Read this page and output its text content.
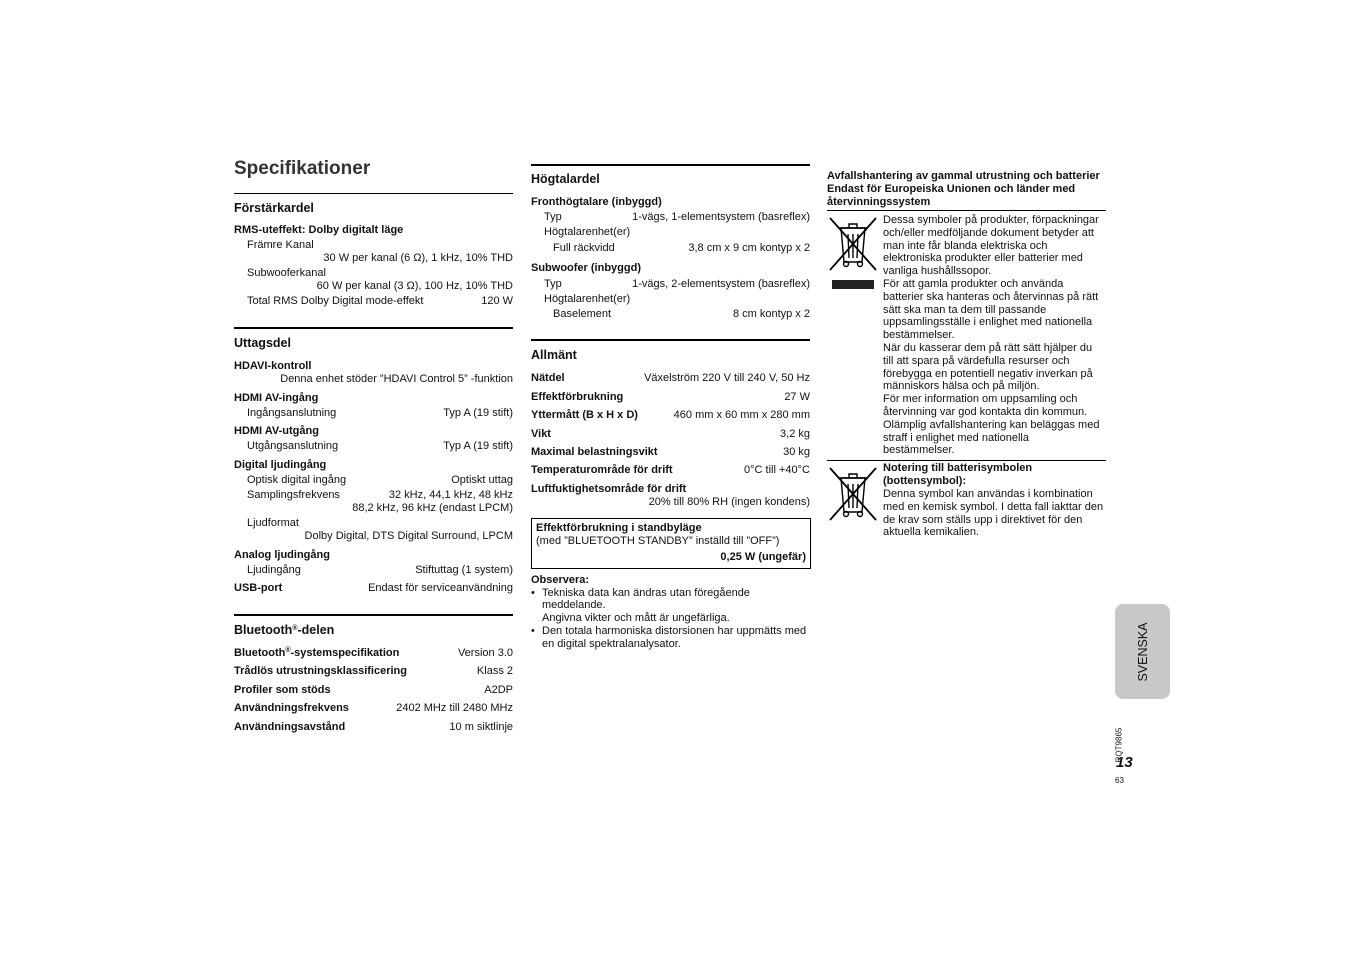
Specifikationer
Förstärkardel
RMS-uteffekt: Dolby digitalt läge
Främre Kanal
30 W per kanal (6 Ω), 1 kHz, 10% THD
Subwooferkanal
60 W per kanal (3 Ω), 100 Hz, 10% THD
Total RMS Dolby Digital mode-effekt	120 W
Uttagsdel
HDAVI-kontroll
Denna enhet stöder ”HDAVI Control 5” -funktion
HDMI AV-ingång
Ingångsanslutning	Typ A (19 stift)
HDMI AV-utgång
Utgångsanslutning	Typ A (19 stift)
Digital ljudingång
Optisk digital ingång	Optiskt uttag
Samplingsfrekvens	32 kHz, 44,1 kHz, 48 kHz
88,2 kHz, 96 kHz (endast LPCM)
Ljudformat
Dolby Digital, DTS Digital Surround, LPCM
Analog ljudingång
Ljudingång	Stiftuttag (1 system)
USB-port	Endast för serviceanvändning
Bluetooth®-delen
Bluetooth®-systemspecifikation	Version 3.0
Trådlös utrustningsklassificering	Klass 2
Profiler som stöds	A2DP
Användningsfrekvens	2402 MHz till 2480 MHz
Användningsavstånd	10 m siktlinje
Högtalardel
Fronthögtalare (inbyggd)
Typ	1-vägs, 1-elementsystem (basreflex)
Högtalarenhet(er)
Full räckvidd	3,8 cm x 9 cm kontyp x 2
Subwoofer (inbyggd)
Typ	1-vägs, 2-elementsystem (basreflex)
Högtalarenhet(er)
Baselement	8 cm kontyp x 2
Allmänt
Nätdel	Växelström 220 V till 240 V, 50 Hz
Effektförbrukning	27 W
Yttermått (B x H x D)	460 mm x 60 mm x 280 mm
Vikt	3,2 kg
Maximal belastningsvikt	30 kg
Temperaturområde för drift	0°C till +40°C
Luftfuktighetsområde för drift
20% till 80% RH (ingen kondens)
Effektförbrukning i standbyläge
(med ”BLUETOOTH STANDBY” inställd till ”OFF”)
0,25 W (ungefär)
Observera:
• Tekniska data kan ändras utan föregående
meddelande.
Angivna vikter och mått är ungefärliga.
• Den totala harmoniska distorsionen har uppmätts med
en digital spektralanalysator.
Avfallshantering av gammal utrustning och batterier
Endast för Europeiska Unionen och länder med
återvinningssystem
Dessa symboler på produkter, förpackningar
och/eller medföljande dokument betyder att
man inte får blanda elektriska och
elektroniska produkter eller batterier med
vanliga hushållssopor.
För att gamla produkter och använda
batterier ska hanteras och återvinnas på rätt
sätt ska man ta dem till passande
uppsamlingsställe i enlighet med nationella
bestämmelser.
När du kasserar dem på rätt sätt hjälper du
till att spara på värdefulla resurser och
förebygga en potentiell negativ inverkan på
människors hälsa och på miljön.
För mer information om uppsamling och
återvinning var god kontakta din kommun.
Olämplig avfallshantering kan beläggas med
straff i enlighet med nationella
bestämmelser.
Notering till batterisymbolen
(bottensymbol):
Denna symbol kan användas i kombination
med en kemisk symbol. I detta fall iakttar den
de krav som ställs upp i direktivet för den
aktuella kemikalien.
SVENSKA
RQT9865
13
63
